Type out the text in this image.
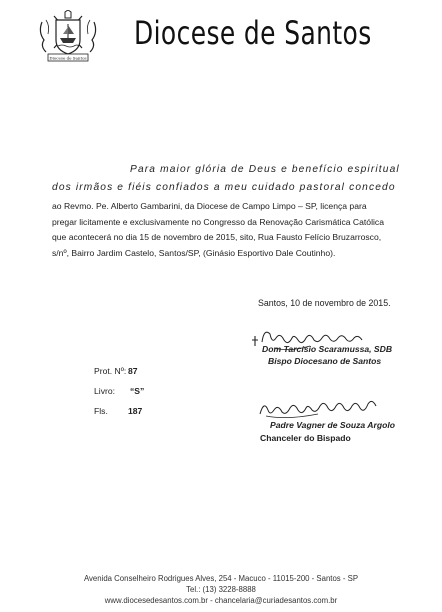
Diocese de Santos
Diocese de Santos
Para maior glória de Deus e benefício espiritual
dos irmãos e fiéis confiados a meu cuidado pastoral concedo
ao Revmo. Pe. Alberto Gambarini, da Diocese de Campo Limpo – SP, licença para
pregar licitamente e exclusivamente no Congresso da Renovação Carismática Católica
que acontecerá no dia 15 de novembro de 2015, sito, Rua Fausto Felício Bruzarrosco,
s/nº, Bairro Jardim Castelo, Santos/SP, (Ginásio Esportivo Dale Coutinho).
Santos, 10 de novembro de 2015.
Dom Tarcísio Scaramussa, SDB
Bispo Diocesano de Santos
Prot. Nº: 87
Livro: “S”
Fls. 187
Padre Vagner de Souza Argolo
Chanceler do Bispado
Avenida Conselheiro Rodrigues Alves, 254 - Macuco - 11015-200 - Santos - SP
Tel.: (13) 3228-8888
www.diocesedesantos.com.br - chancelaria@curiadesantos.com.br
